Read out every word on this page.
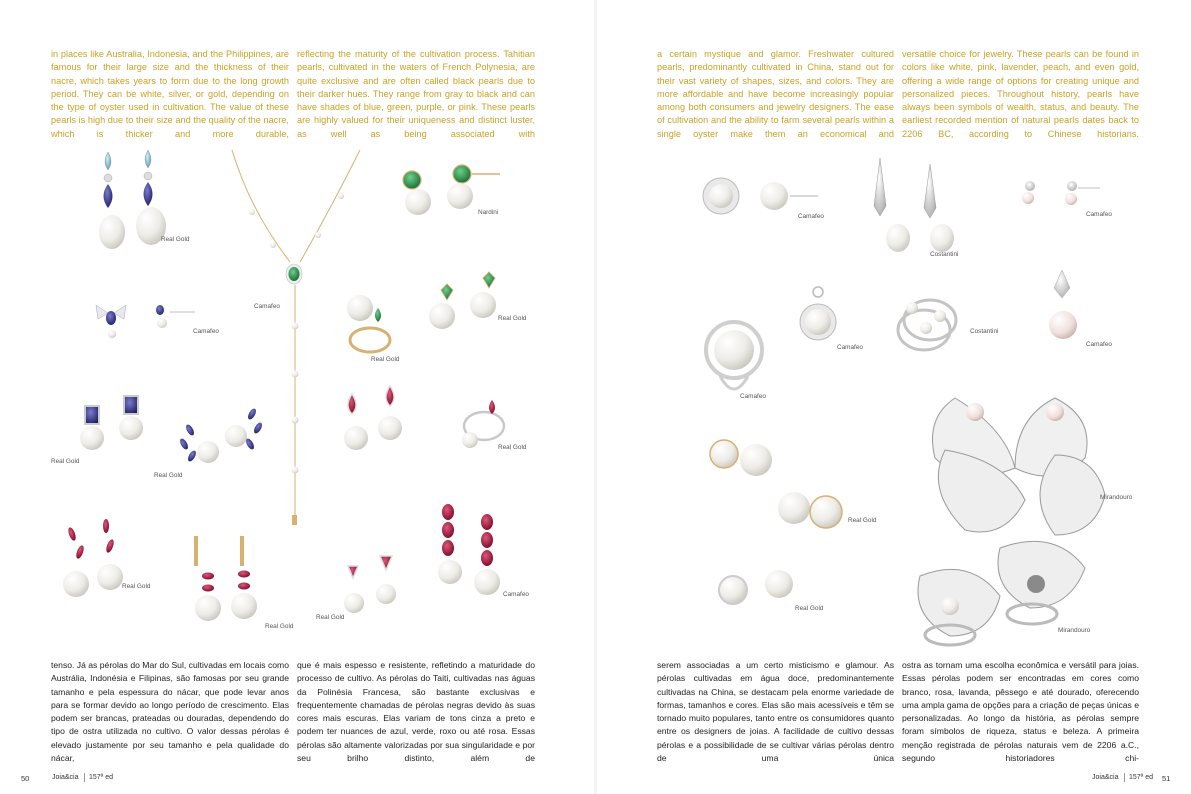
in places like Australia, Indonesia, and the Philippines, are famous for their large size and the thickness of their nacre, which takes years to form due to the long growth period. They can be white, silver, or gold, depending on the type of oyster used in cultivation. The value of these pearls is high due to their size and the quality of the nacre, which is thicker and more durable,

reflecting the maturity of the cultivation process. Tahitian pearls, cultivated in the waters of French Polynesia, are quite exclusive and are often called black pearls due to their darker hues. They range from gray to black and can have shades of blue, green, purple, or pink. These pearls are highly valued for their uniqueness and distinct luster, as well as being associated with

a certain mystique and glamor. Freshwater cultured pearls, predominantly cultivated in China, stand out for their vast variety of shapes, sizes, and colors. They are more affordable and have become increasingly popular among both consumers and jewelry designers. The ease of cultivation and the ability to farm several pearls within a single oyster make them an economical and

versatile choice for jewelry. These pearls can be found in colors like white, pink, lavender, peach, and even gold, offering a wide range of options for creating unique and personalized pieces. Throughout history, pearls have always been symbols of wealth, status, and beauty. The earliest recorded mention of natural pearls dates back to 2206 BC, according to Chinese historians.

tenso. Já as pérolas do Mar do Sul, cultivadas em locais como Austrália, Indonésia e Filipinas, são famosas por seu grande tamanho e pela espessura do nácar, que pode levar anos para se formar devido ao longo período de crescimento. Elas podem ser brancas, prateadas ou douradas, dependendo do tipo de ostra utilizada no cultivo. O valor dessas pérolas é elevado justamente por seu tamanho e pela qualidade do nácar,

que é mais espesso e resistente, refletindo a maturidade do processo de cultivo. As pérolas do Taiti, cultivadas nas águas da Polinésia Francesa, são bastante exclusivas e frequentemente chamadas de pérolas negras devido às suas cores mais escuras. Elas variam de tons cinza a preto e podem ter nuances de azul, verde, roxo ou até rosa. Essas pérolas são altamente valorizadas por sua singularidade e por seu brilho distinto, além de

serem associadas a um certo misticismo e glamour. As pérolas cultivadas em água doce, predominantemente cultivadas na China, se destacam pela enorme variedade de formas, tamanhos e cores. Elas são mais acessíveis e têm se tornado muito populares, tanto entre os consumidores quanto entre os designers de joias. A facilidade de cultivo dessas pérolas e a possibilidade de se cultivar várias pérolas dentro de uma única

ostra as tornam uma escolha econômica e versátil para joias. Essas pérolas podem ser encontradas em cores como branco, rosa, lavanda, pêssego e até dourado, oferecendo uma ampla gama de opções para a criação de peças únicas e personalizadas. Ao longo da história, as pérolas sempre foram símbolos de riqueza, status e beleza. A primeira menção registrada de pérolas naturais vem de 2206 a.C., segundo historiadores chi-

Real Gold
Camafeo
Nardini
Camafeo
Real Gold
Real Gold
Real Gold
Real Gold
Real Gold
Real Gold
Real Gold
Real Gold
Camafeo
Camafeo
Costantini
Camafeo
Camafeo
Costantini
Camafeo
Camafeo
Mirandouro
Real Gold
Real Gold
Mirandouro
50	Joia&cia 157ª ed	Joia&cia 157ª ed 51
